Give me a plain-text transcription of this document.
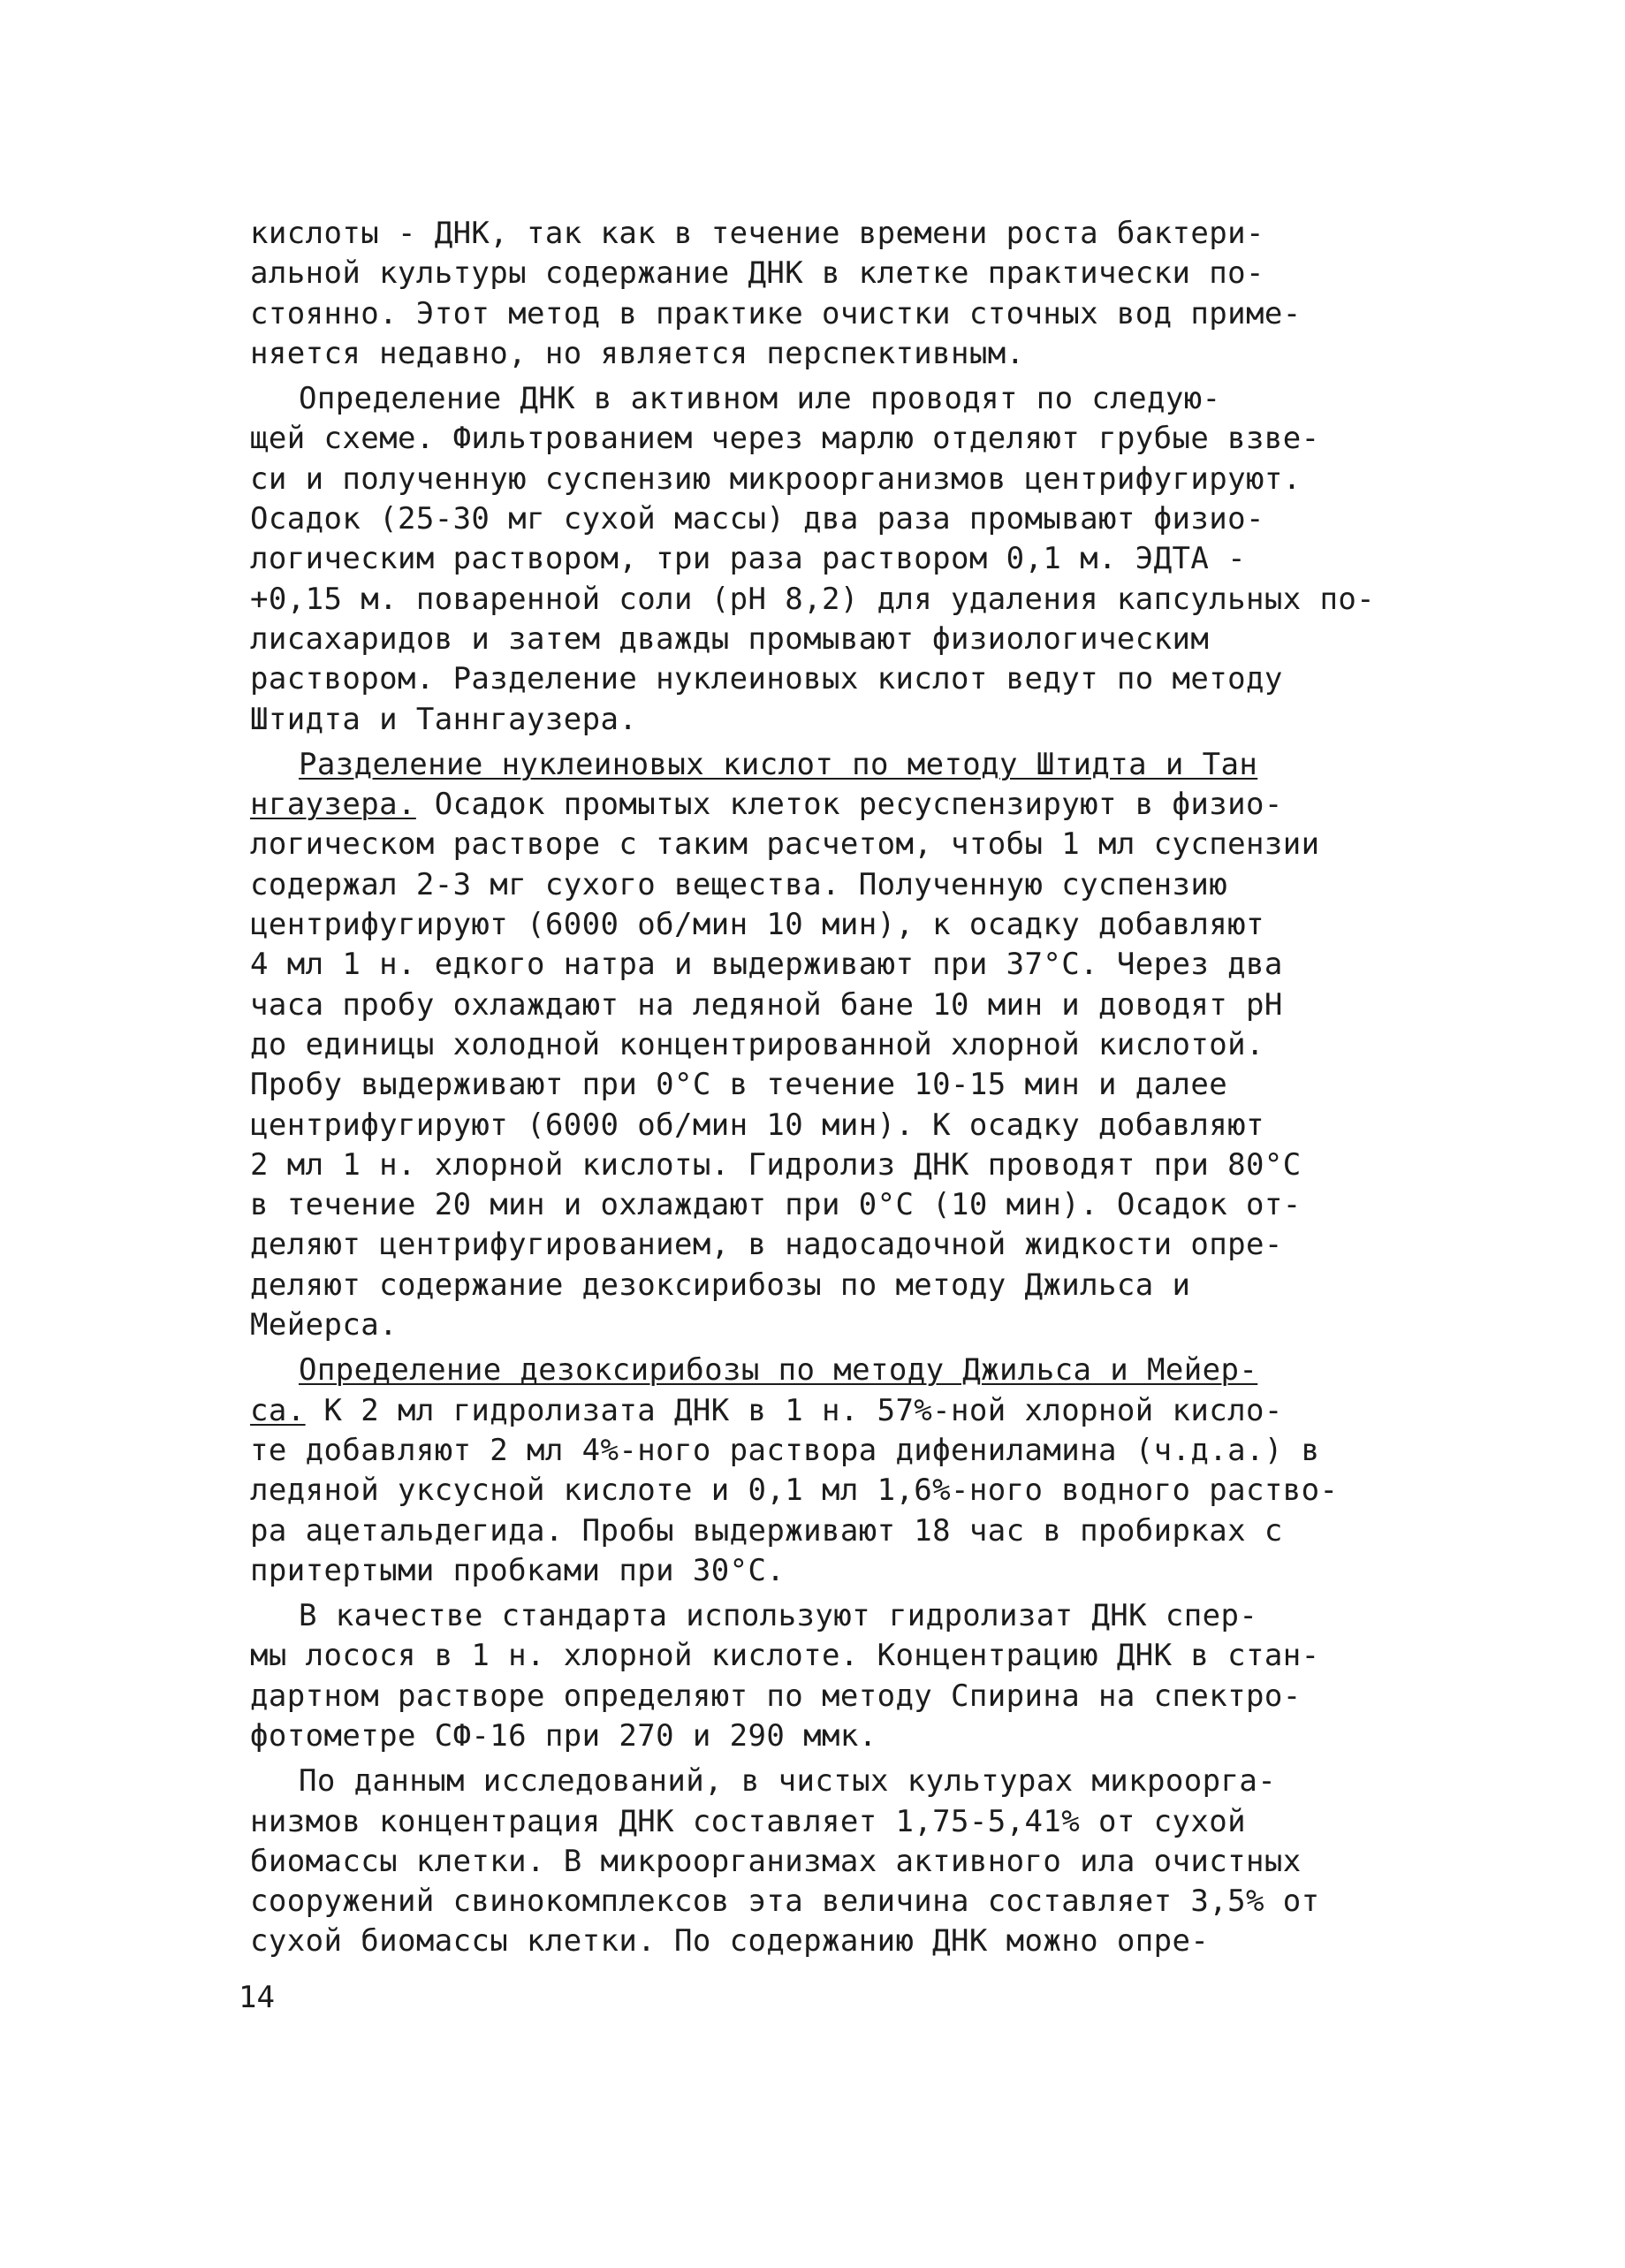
кислоты - ДНК, так как в течение времени роста бактери-
альной культуры содержание ДНК в клетке практически по-
стоянно. Этот метод в практике очистки сточных вод приме-
няется недавно, но является перспективным.
Определение ДНК в активном иле проводят по следую-
щей схеме. Фильтрованием через марлю отделяют грубые взве-
си и полученную суспензию микроорганизмов центрифугируют.
Осадок (25-30 мг сухой массы) два раза промывают физио-
логическим раствором, три раза раствором 0,1 м. ЭДТА -
+0,15 м. поваренной соли (pH 8,2) для удаления капсульных по-
лисахаридов и затем дважды промывают физиологическим
раствором. Разделение нуклеиновых кислот ведут по методу
Штидта и Таннгаузера.
Разделение нуклеиновых кислот по методу Штидта и Тан
нгаузера. Осадок промытых клеток ресуспензируют в физио-
логическом растворе с таким расчетом, чтобы 1 мл суспензии
содержал 2-3 мг сухого вещества. Полученную суспензию
центрифугируют (6000 об/мин 10 мин), к осадку добавляют
4 мл 1 н. едкого натра и выдерживают при 37°С. Через два
часа пробу охлаждают на ледяной бане 10 мин и доводят pH
до единицы холодной концентрированной хлорной кислотой.
Пробу выдерживают при 0°С в течение 10-15 мин и далее
центрифугируют (6000 об/мин 10 мин). К осадку добавляют
2 мл 1 н. хлорной кислоты. Гидролиз ДНК проводят при 80°С
в течение 20 мин и охлаждают при 0°С (10 мин). Осадок от-
деляют центрифугированием, в надосадочной жидкости опре-
деляют содержание дезоксирибозы по методу Джильса и
Мейерса.
Определение дезоксирибозы по методу Джильса и Мейер-
са. К 2 мл гидролизата ДНК в 1 н. 57%-ной хлорной кисло-
те добавляют 2 мл 4%-ного раствора дифениламина (ч.д.а.) в
ледяной уксусной кислоте и 0,1 мл 1,6%-ного водного раство-
ра ацетальдегида. Пробы выдерживают 18 час в пробирках с
притертыми пробками при 30°С.
В качестве стандарта используют гидролизат ДНК спер-
мы лосося в 1 н. хлорной кислоте. Концентрацию ДНК в стан-
дартном растворе определяют по методу Спирина на спектро-
фотометре СФ-16 при 270 и 290 ммк.
По данным исследований, в чистых культурах микроорга-
низмов концентрация ДНК составляет 1,75-5,41% от сухой
биомассы клетки. В микроорганизмах активного ила очистных
сооружений свинокомплексов эта величина составляет 3,5% от
сухой биомассы клетки. По содержанию ДНК можно опре-
14
